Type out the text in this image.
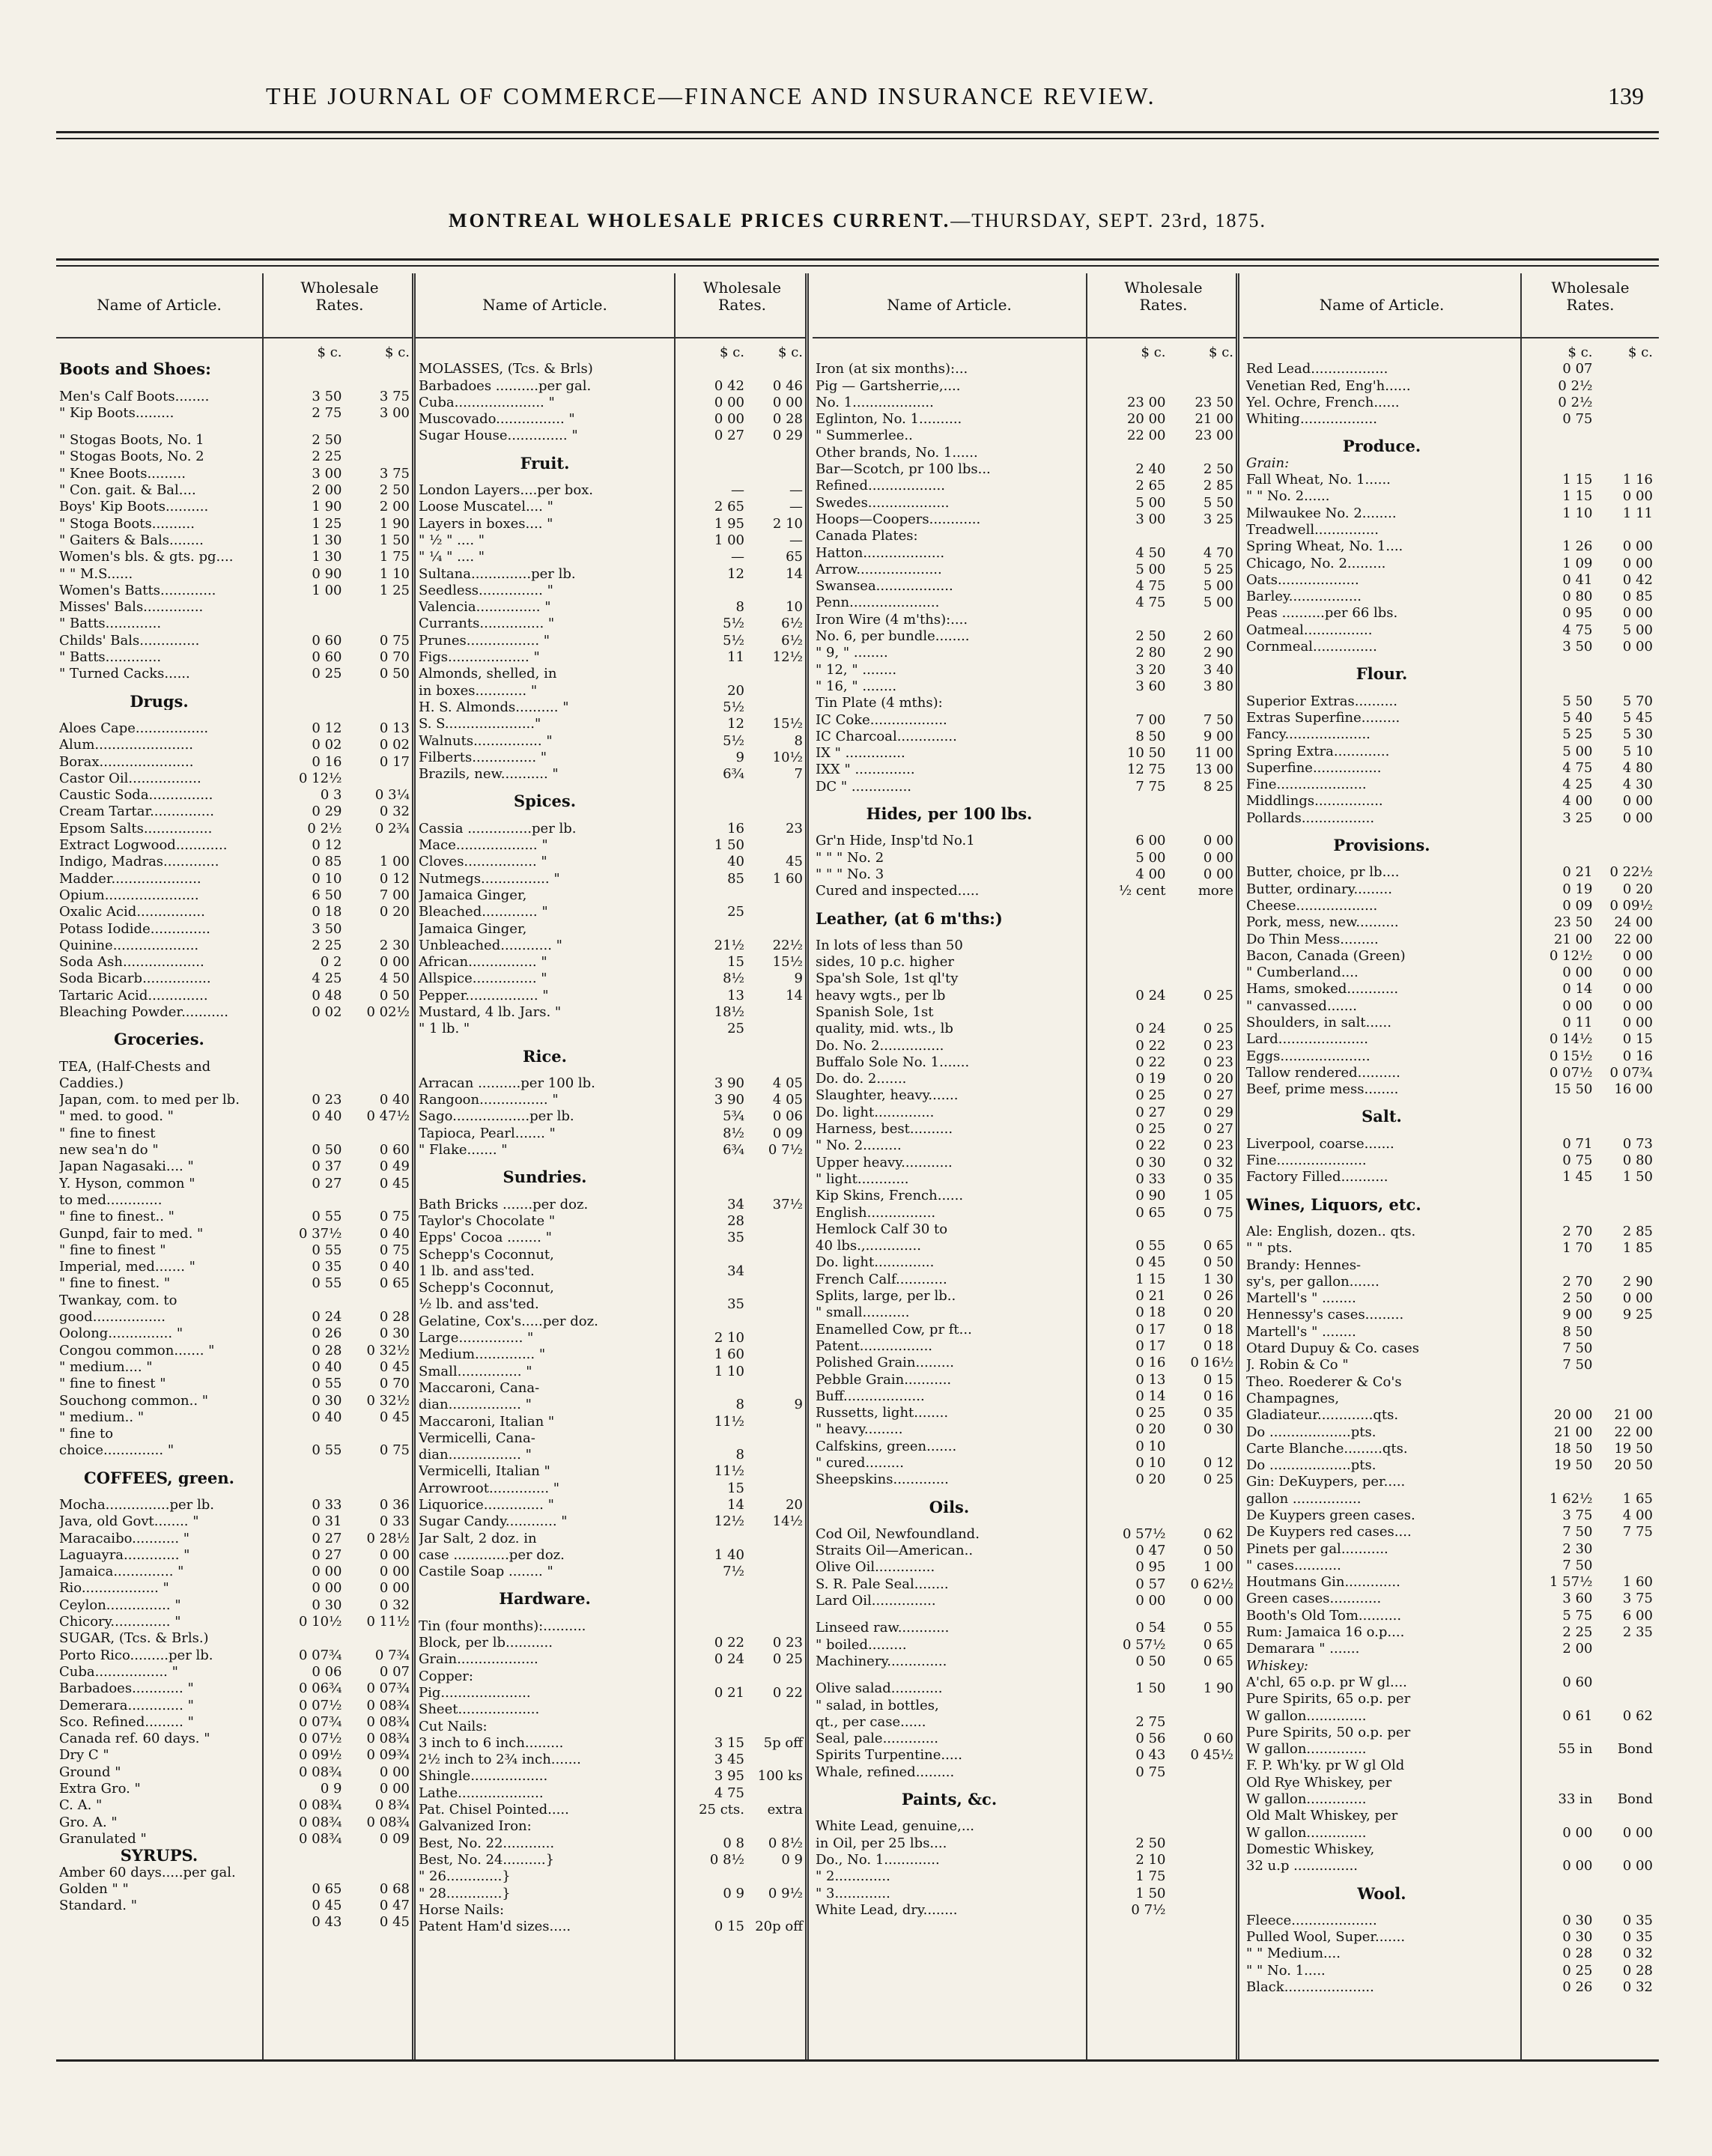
THE JOURNAL OF COMMERCE—FINANCE AND INSURANCE REVIEW.	139
MONTREAL WHOLESALE PRICES CURRENT.—THURSDAY, SEPT. 23rd, 1875.
Name of Article.
Wholesale
Rates.
$ c.	$ c.
Boots and Shoes:
Men's Calf Boots........	3 50	3 75
" Kip Boots.........	2 75	3 00
" Stogas Boots, No. 1	2 50
" Stogas Boots, No. 2	2 25
" Knee Boots.........	3 00	3 75
" Con. gait. & Bal....	2 00	2 50
Boys' Kip Boots..........	1 90	2 00
" Stoga Boots..........	1 25	1 90
" Gaiters & Bals........	1 30	1 50
Women's bls. & gts. pg....	1 30	1 75
" " M.S......	0 90	1 10
Women's Batts.............	1 00	1 25
Misses' Bals..............
" Batts.............
Childs' Bals..............	0 60	0 75
" Batts.............	0 60	0 70
" Turned Cacks......	0 25	0 50
Drugs.
Aloes Cape.................	0 12	0 13
Alum.......................	0 02	0 02
Borax......................	0 16	0 17
Castor Oil.................	0 12½
Caustic Soda...............	0 3	0 3¼
Cream Tartar...............	0 29	0 32
Epsom Salts................	0 2½	0 2¾
Extract Logwood............	0 12
Indigo, Madras.............	0 85	1 00
Madder.....................	0 10	0 12
Opium......................	6 50	7 00
Oxalic Acid................	0 18	0 20
Potass Iodide..............	3 50
Quinine....................	2 25	2 30
Soda Ash...................	0 2	0 00
Soda Bicarb................	4 25	4 50
Tartaric Acid..............	0 48	0 50
Bleaching Powder...........	0 02	0 02½
Groceries.
TEA, (Half-Chests and
Caddies.)
Japan, com. to med per lb.	0 23	0 40
" med. to good. "	0 40	0 47½
" fine to finest
new sea'n do "	0 50	0 60
Japan Nagasaki.... "	0 37	0 49
Y. Hyson, common "	0 27	0 45
to med.............
" fine to finest.. "	0 55	0 75
Gunpd, fair to med. "	0 37½	0 40
" fine to finest "	0 55	0 75
Imperial, med....... "	0 35	0 40
" fine to finest. "	0 55	0 65
Twankay, com. to
good.................	0 24	0 28
Oolong............... "	0 26	0 30
Congou common....... "	0 28	0 32½
" medium.... "	0 40	0 45
" fine to finest "	0 55	0 70
Souchong common.. "	0 30	0 32½
" medium.. "	0 40	0 45
" fine to
choice.............. "	0 55	0 75
COFFEES, green.
Mocha...............per lb.	0 33	0 36
Java, old Govt........ "	0 31	0 33
Maracaibo........... "	0 27	0 28½
Laguayra............. "	0 27	0 00
Jamaica.............. "	0 00	0 00
Rio.................. "	0 00	0 00
Ceylon............... "	0 30	0 32
Chicory.............. "	0 10½	0 11½
SUGAR, (Tcs. & Brls.)
Porto Rico.........per lb.	0 07¾	0 7¾
Cuba................. "	0 06	0 07
Barbadoes............ "	0 06¾	0 07¾
Demerara............. "	0 07½	0 08¾
Sco. Refined......... "	0 07¾	0 08¾
Canada ref. 60 days. "	0 07½	0 08¾
Dry C "	0 09½	0 09¾
Ground "	0 08¾	0 00
Extra Gro. "	0 9	0 00
C. A. "	0 08¾	0 8¾
Gro. A. "	0 08¾	0 08¾
Granulated "	0 08¾	0 09
SYRUPS.
Amber 60 days.....per gal.
Golden " "	0 65	0 68
Standard. "	0 45	0 47
0 43	0 45
Name of Article.
Wholesale
Rates.
$ c.	$ c.
MOLASSES, (Tcs. & Brls)
Barbadoes ..........per gal.	0 42	0 46
Cuba..................... "	0 00	0 00
Muscovado................ "	0 00	0 28
Sugar House.............. "	0 27	0 29
Fruit.
London Layers....per box.	—	—
Loose Muscatel.... "	2 65	—
Layers in boxes.... "	1 95	2 10
" ½ " .... "	1 00	—
" ¼ " .... "	—	65
Sultana..............per lb.	12	14
Seedless............... "
Valencia............... "	8	10
Currants............... "	5½	6½
Prunes................. "	5½	6½
Figs................... "	11	12½
Almonds, shelled, in
in boxes............ "	20
H. S. Almonds.......... "	5½
S. S....................."	12	15½
Walnuts................ "	5½	8
Filberts............... "	9	10½
Brazils, new........... "	6¾	7
Spices.
Cassia ...............per lb.	16	23
Mace................... "	1 50
Cloves................. "	40	45
Nutmegs................ "	85	1 60
Jamaica Ginger,
Bleached............. "	25
Jamaica Ginger,
Unbleached............ "	21½	22½
African................ "	15	15½
Allspice............... "	8½	9
Pepper................. "	13	14
Mustard, 4 lb. Jars. "	18½
" 1 lb. "	25
Rice.
Arracan ..........per 100 lb.	3 90	4 05
Rangoon................ "	3 90	4 05
Sago..................per lb.	5¾	0 06
Tapioca, Pearl....... "	8½	0 09
" Flake....... "	6¾	0 7½
Sundries.
Bath Bricks .......per doz.	34	37½
Taylor's Chocolate "	28
Epps' Cocoa ........ "	35
Schepp's Coconnut,
1 lb. and ass'ted.	34
Schepp's Coconnut,
½ lb. and ass'ted.	35
Gelatine, Cox's.....per doz.
Large............... "	2 10
Medium.............. "	1 60
Small............... "	1 10
Maccaroni, Cana-
dian................. "	8	9
Maccaroni, Italian "	11½
Vermicelli, Cana-
dian................. "	8
Vermicelli, Italian "	11½
Arrowroot.............. "	15
Liquorice.............. "	14	20
Sugar Candy............ "	12½	14½
Jar Salt, 2 doz. in
case .............per doz.	1 40
Castile Soap ........ "	7½
Hardware.
Tin (four months):..........
Block, per lb...........	0 22	0 23
Grain...................	0 24	0 25
Copper:
Pig.....................	0 21	0 22
Sheet...................
Cut Nails:
3 inch to 6 inch.........	3 15	5p off
2½ inch to 2¾ inch.......	3 45
Shingle..................	3 95 100 ks
Lathe....................	4 75
Pat. Chisel Pointed.....	25 cts.	extra
Galvanized Iron:
Best, No. 22............	0 8	0 8½
Best, No. 24..........}	0 8½	0 9
" 26.............}
" 28.............}	0 9	0 9½
Horse Nails:
Patent Ham'd sizes.....	0 15 20p off
Name of Article.
Wholesale
Rates.
$ c.	$ c.
Iron (at six months):...
Pig — Gartsherrie,....
No. 1...................	23 00	23 50
Eglinton, No. 1..........	20 00	21 00
" Summerlee..	22 00	23 00
Other brands, No. 1......
Bar—Scotch, pr 100 lbs...	2 40	2 50
Refined..................	2 65	2 85
Swedes...................	5 00	5 50
Hoops—Coopers............	3 00	3 25
Canada Plates:
Hatton...................	4 50	4 70
Arrow....................	5 00	5 25
Swansea..................	4 75	5 00
Penn.....................	4 75	5 00
Iron Wire (4 m'ths):....
No. 6, per bundle........	2 50	2 60
" 9, " ........	2 80	2 90
" 12, " ........	3 20	3 40
" 16, " ........	3 60	3 80
Tin Plate (4 mths):
IC Coke..................	7 00	7 50
IC Charcoal..............	8 50	9 00
IX " ..............	10 50	11 00
IXX " ..............	12 75	13 00
DC " ..............	7 75	8 25
Hides, per 100 lbs.
Gr'n Hide, Insp'td No.1	6 00	0 00
" " " No. 2	5 00	0 00
" " " No. 3	4 00	0 00
Cured and inspected.....	½ cent	more
Leather, (at 6 m'ths:)
In lots of less than 50
sides, 10 p.c. higher
Spa'sh Sole, 1st ql'ty
heavy wgts., per lb	0 24	0 25
Spanish Sole, 1st
quality, mid. wts., lb	0 24	0 25
Do. No. 2...............	0 22	0 23
Buffalo Sole No. 1.......	0 22	0 23
Do. do. 2.......	0 19	0 20
Slaughter, heavy.......	0 25	0 27
Do. light..............	0 27	0 29
Harness, best..........	0 25	0 27
" No. 2.........	0 22	0 23
Upper heavy............	0 30	0 32
" light............	0 33	0 35
Kip Skins, French......	0 90	1 05
English................	0 65	0 75
Hemlock Calf 30 to
40 lbs.,.............	0 55	0 65
Do. light..............	0 45	0 50
French Calf............	1 15	1 30
Splits, large, per lb..	0 21	0 26
" small...........	0 18	0 20
Enamelled Cow, pr ft...	0 17	0 18
Patent.................	0 17	0 18
Polished Grain.........	0 16	0 16½
Pebble Grain...........	0 13	0 15
Buff...................	0 14	0 16
Russetts, light........	0 25	0 35
" heavy.........	0 20	0 30
Calfskins, green.......	0 10
" cured.........	0 10	0 12
Sheepskins.............	0 20	0 25
Oils.
Cod Oil, Newfoundland.	0 57½	0 62
Straits Oil—American..	0 47	0 50
Olive Oil..............	0 95	1 00
S. R. Pale Seal........	0 57	0 62½
Lard Oil...............	0 00	0 00
Linseed raw............	0 54	0 55
" boiled.........	0 57½	0 65
Machinery..............	0 50	0 65
Olive salad............	1 50	1 90
" salad, in bottles,
qt., per case......	2 75
Seal, pale.............	0 56	0 60
Spirits Turpentine.....	0 43	0 45½
Whale, refined.........	0 75
Paints, &c.
White Lead, genuine,...
in Oil, per 25 lbs....	2 50
Do., No. 1.............	2 10
" 2.............	1 75
" 3.............	1 50
White Lead, dry........	0 7½
Name of Article.
Wholesale
Rates.
$ c.	$ c.
Red Lead..................	0 07
Venetian Red, Eng'h......	0 2½
Yel. Ochre, French......	0 2½
Whiting..................	0 75
Produce.
Grain:
Fall Wheat, No. 1......	1 15	1 16
" " No. 2......	1 15	0 00
Milwaukee No. 2........	1 10	1 11
Treadwell...............
Spring Wheat, No. 1....	1 26	0 00
Chicago, No. 2.........	1 09	0 00
Oats...................	0 41	0 42
Barley.................	0 80	0 85
Peas ..........per 66 lbs.	0 95	0 00
Oatmeal................	4 75	5 00
Cornmeal...............	3 50	0 00
Flour.
Superior Extras..........	5 50	5 70
Extras Superfine.........	5 40	5 45
Fancy....................	5 25	5 30
Spring Extra.............	5 00	5 10
Superfine................	4 75	4 80
Fine.....................	4 25	4 30
Middlings................	4 00	0 00
Pollards.................	3 25	0 00
Provisions.
Butter, choice, pr lb....	0 21	0 22½
Butter, ordinary.........	0 19	0 20
Cheese...................	0 09	0 09½
Pork, mess, new..........	23 50	24 00
Do Thin Mess.........	21 00	22 00
Bacon, Canada (Green)	0 12½	0 00
" Cumberland....	0 00	0 00
Hams, smoked............	0 14	0 00
" canvassed.......	0 00	0 00
Shoulders, in salt......	0 11	0 00
Lard.....................	0 14½	0 15
Eggs.....................	0 15½	0 16
Tallow rendered..........	0 07½	0 07¾
Beef, prime mess........	15 50	16 00
Salt.
Liverpool, coarse.......	0 71	0 73
Fine.....................	0 75	0 80
Factory Filled...........	1 45	1 50
Wines, Liquors, etc.
Ale: English, dozen.. qts.	2 70	2 85
" " pts.	1 70	1 85
Brandy: Hennes-
sy's, per gallon.......	2 70	2 90
Martell's " ........	2 50	0 00
Hennessy's cases.........	9 00	9 25
Martell's " ........	8 50
Otard Dupuy & Co. cases	7 50
J. Robin & Co "	7 50
Theo. Roederer & Co's
Champagnes,
Gladiateur.............qts.	20 00	21 00
Do ...................pts.	21 00	22 00
Carte Blanche.........qts.	18 50	19 50
Do ...................pts.	19 50	20 50
Gin: DeKuypers, per.....
gallon ................	1 62½	1 65
De Kuypers green cases.	3 75	4 00
De Kuypers red cases....	7 50	7 75
Pinets per gal...........	2 30
" cases...........	7 50
Houtmans Gin.............	1 57½	1 60
Green cases............	3 60	3 75
Booth's Old Tom..........	5 75	6 00
Rum: Jamaica 16 o.p....	2 25	2 35
Demarara " .......	2 00
Whiskey:
A'chl, 65 o.p. pr W gl....	0 60
Pure Spirits, 65 o.p. per
W gallon..............	0 61	0 62
Pure Spirits, 50 o.p. per
W gallon..............	55 in	Bond
F. P. Wh'ky. pr W gl Old
Old Rye Whiskey, per
W gallon..............	33 in	Bond
Old Malt Whiskey, per
W gallon..............	0 00	0 00
Domestic Whiskey,
32 u.p ...............	0 00	0 00
Wool.
Fleece....................	0 30	0 35
Pulled Wool, Super.......	0 30	0 35
" " Medium....	0 28	0 32
" " No. 1.....	0 25	0 28
Black.....................	0 26	0 32
